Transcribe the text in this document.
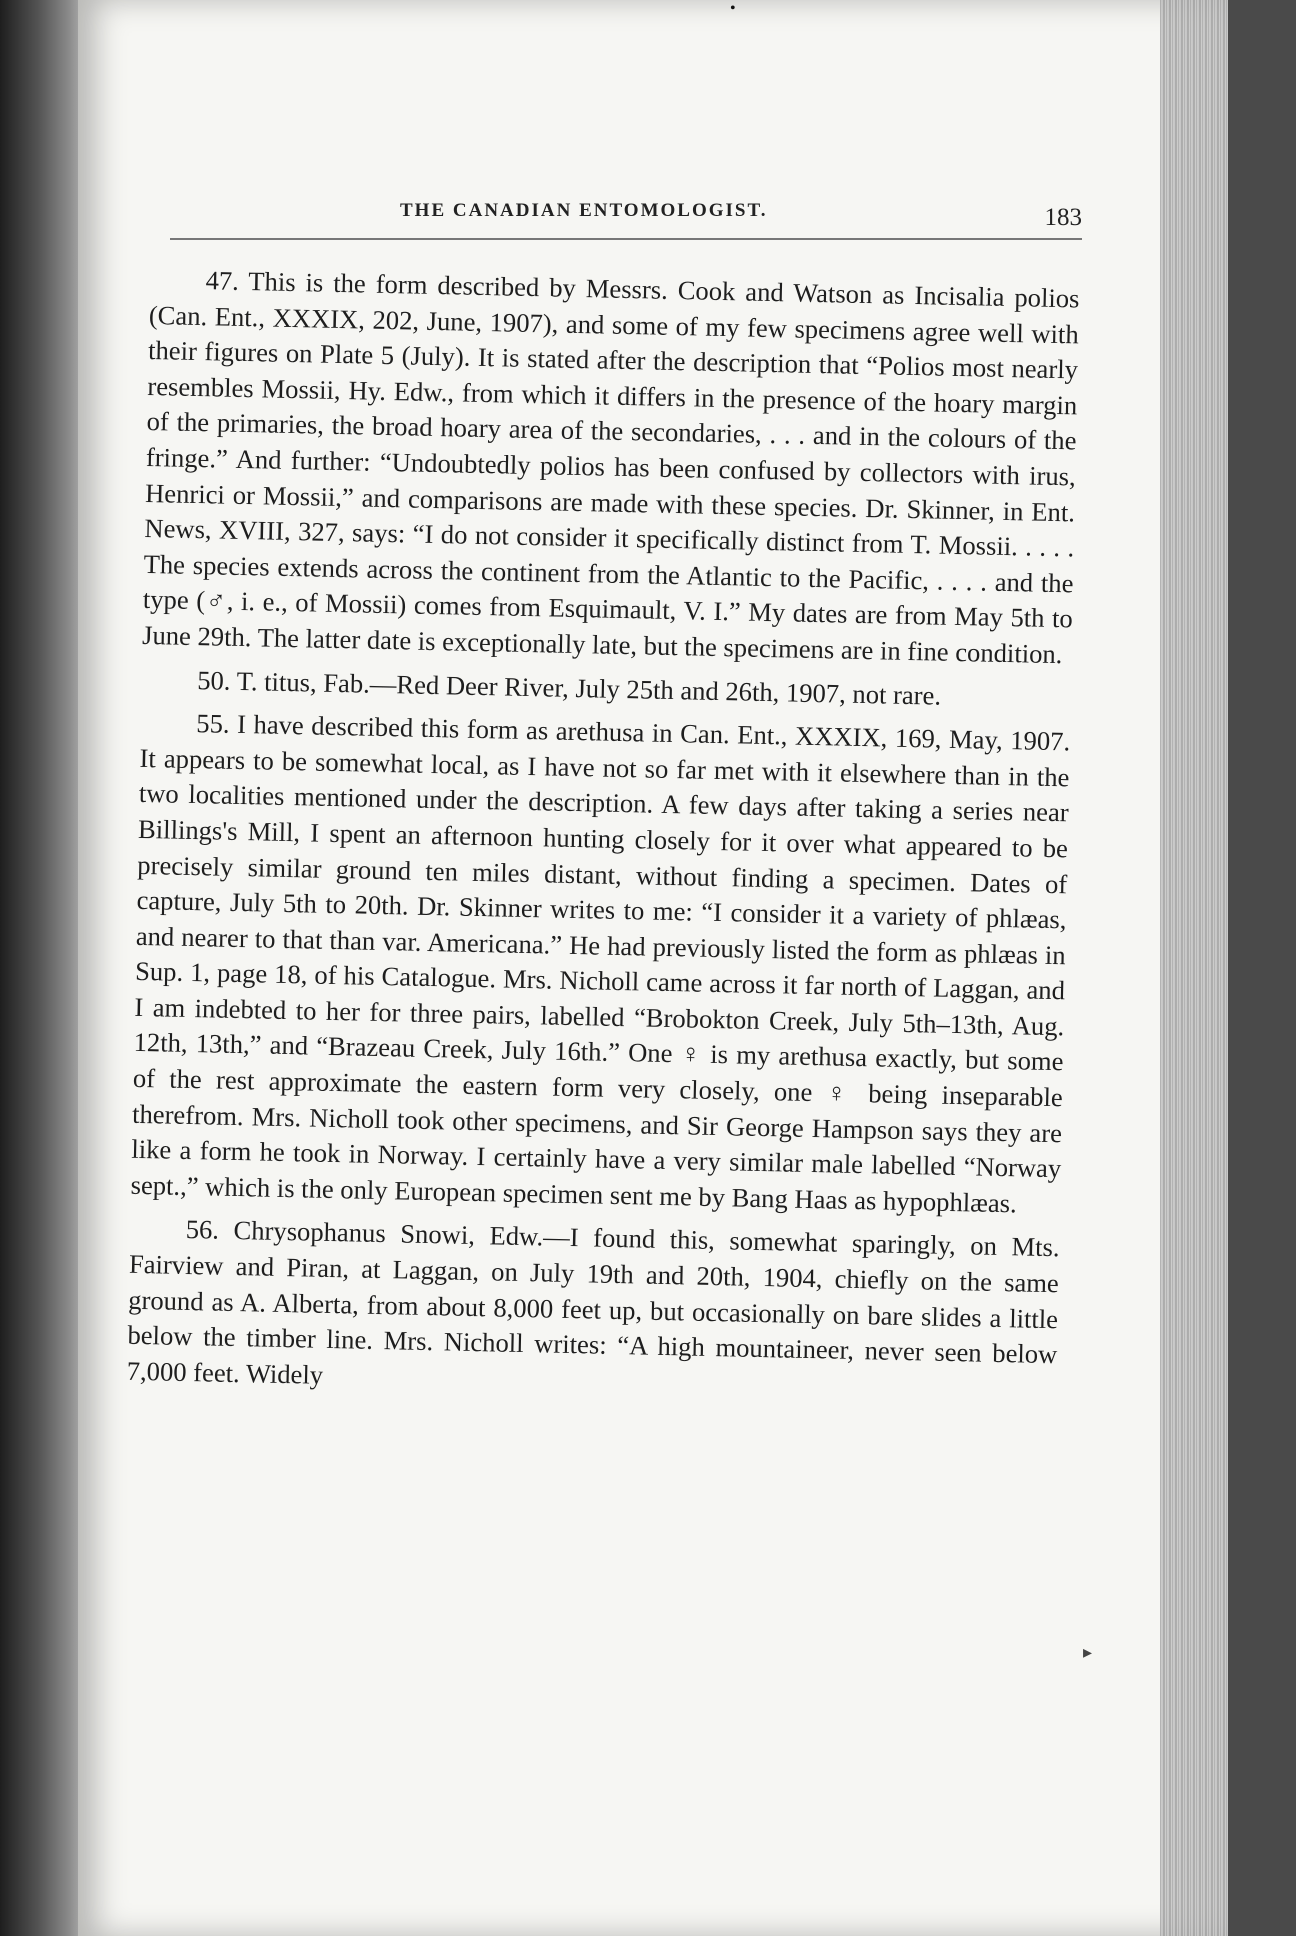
•
THE CANADIAN ENTOMOLOGIST.	183

47. This is the form described by Messrs. Cook and Watson as Incisalia polios (Can. Ent., XXXIX, 202, June, 1907), and some of my few specimens agree well with their figures on Plate 5 (July). It is stated after the description that “Polios most nearly resembles Mossii, Hy. Edw., from which it differs in the presence of the hoary margin of the primaries, the broad hoary area of the secondaries, . . . and in the colours of the fringe.” And further: “Undoubtedly polios has been confused by collectors with irus, Henrici or Mossii,” and comparisons are made with these species. Dr. Skinner, in Ent. News, XVIII, 327, says: “I do not consider it specifically distinct from T. Mossii. . . . . The species extends across the continent from the Atlantic to the Pacific, . . . . and the type (♂, i. e., of Mossii) comes from Esquimault, V. I.” My dates are from May 5th to June 29th. The latter date is exceptionally late, but the specimens are in fine condition.

50. T. titus, Fab.—Red Deer River, July 25th and 26th, 1907, not rare.

55. I have described this form as arethusa in Can. Ent., XXXIX, 169, May, 1907. It appears to be somewhat local, as I have not so far met with it elsewhere than in the two localities mentioned under the description. A few days after taking a series near Billings's Mill, I spent an afternoon hunting closely for it over what appeared to be precisely similar ground ten miles distant, without finding a specimen. Dates of capture, July 5th to 20th. Dr. Skinner writes to me: “I consider it a variety of phlæas, and nearer to that than var. Americana.” He had previously listed the form as phlæas in Sup. 1, page 18, of his Catalogue. Mrs. Nicholl came across it far north of Laggan, and I am indebted to her for three pairs, labelled “Brobokton Creek, July 5th–13th, Aug. 12th, 13th,” and “Brazeau Creek, July 16th.” One ♀ is my arethusa exactly, but some of the rest approximate the eastern form very closely, one ♀ being inseparable therefrom. Mrs. Nicholl took other specimens, and Sir George Hampson says they are like a form he took in Norway. I certainly have a very similar male labelled “Norway sept.,” which is the only European specimen sent me by Bang Haas as hypophlæas.

56. Chrysophanus Snowi, Edw.—I found this, somewhat sparingly, on Mts. Fairview and Piran, at Laggan, on July 19th and 20th, 1904, chiefly on the same ground as A. Alberta, from about 8,000 feet up, but occasionally on bare slides a little below the timber line. Mrs. Nicholl writes: “A high mountaineer, never seen below 7,000 feet. Widely

▸
